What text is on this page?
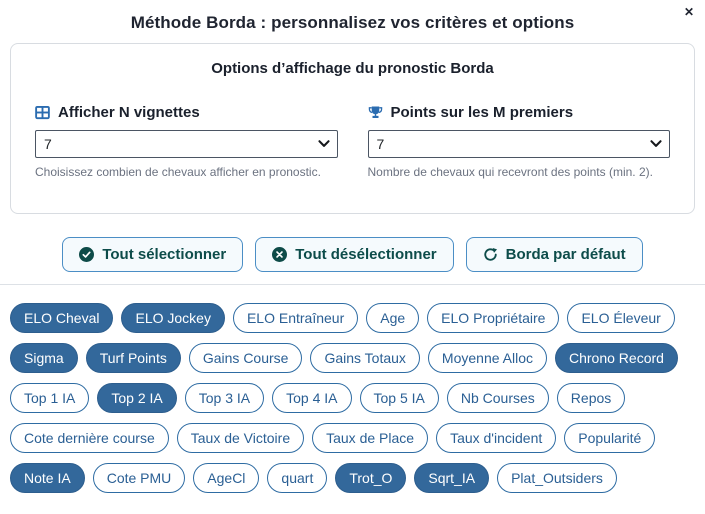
✕
Méthode Borda : personnalisez vos critères et options
Options d’affichage du pronostic Borda
Afficher N vignettes
7
Choisissez combien de chevaux afficher en pronostic.
Points sur les M premiers
7
Nombre de chevaux qui recevront des points (min. 2).
Tout sélectionner	Tout désélectionner	Borda par défaut
ELO Cheval	ELO Jockey	ELO Entraîneur	Age	ELO Propriétaire	ELO Éleveur
Sigma	Turf Points	Gains Course	Gains Totaux	Moyenne Alloc	Chrono Record
Top 1 IA	Top 2 IA	Top 3 IA	Top 4 IA	Top 5 IA	Nb Courses	Repos
Cote dernière course	Taux de Victoire	Taux de Place	Taux d'incident	Popularité
Note IA	Cote PMU	AgeCl	quart	Trot_O	Sqrt_IA	Plat_Outsiders
